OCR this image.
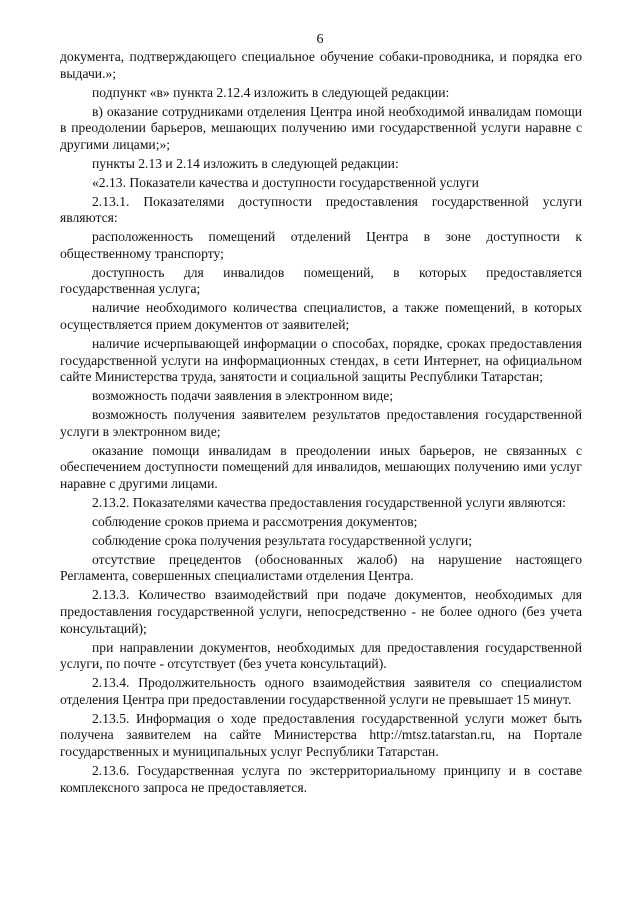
6

документа, подтверждающего специальное обучение собаки-проводника, и порядка его выдачи.»;

подпункт «в» пункта 2.12.4 изложить в следующей редакции:

в) оказание сотрудниками отделения Центра иной необходимой инвалидам помощи в преодолении барьеров, мешающих получению ими государственной услуги наравне с другими лицами;»;

пункты 2.13 и 2.14 изложить в следующей редакции:

«2.13. Показатели качества и доступности государственной услуги

2.13.1. Показателями доступности предоставления государственной услуги являются:

расположенность помещений отделений Центра в зоне доступности к общественному транспорту;

доступность для инвалидов помещений, в которых предоставляется государственная услуга;

наличие необходимого количества специалистов, а также помещений, в которых осуществляется прием документов от заявителей;

наличие исчерпывающей информации о способах, порядке, сроках предоставления государственной услуги на информационных стендах, в сети Интернет, на официальном сайте Министерства труда, занятости и социальной защиты Республики Татарстан;

возможность подачи заявления в электронном виде;

возможность получения заявителем результатов предоставления государственной услуги в электронном виде;

оказание помощи инвалидам в преодолении иных барьеров, не связанных с обеспечением доступности помещений для инвалидов, мешающих получению ими услуг наравне с другими лицами.

2.13.2. Показателями качества предоставления государственной услуги являются:

соблюдение сроков приема и рассмотрения документов;

соблюдение срока получения результата государственной услуги;

отсутствие прецедентов (обоснованных жалоб) на нарушение настоящего Регламента, совершенных специалистами отделения Центра.

2.13.3. Количество взаимодействий при подаче документов, необходимых для предоставления государственной услуги, непосредственно - не более одного (без учета консультаций);

при направлении документов, необходимых для предоставления государственной услуги, по почте - отсутствует (без учета консультаций).

2.13.4. Продолжительность одного взаимодействия заявителя со специалистом отделения Центра при предоставлении государственной услуги не превышает 15 минут.

2.13.5. Информация о ходе предоставления государственной услуги может быть получена заявителем на сайте Министерства http://mtsz.tatarstan.ru, на Портале государственных и муниципальных услуг Республики Татарстан.

2.13.6. Государственная услуга по экстерриториальному принципу и в составе комплексного запроса не предоставляется.
